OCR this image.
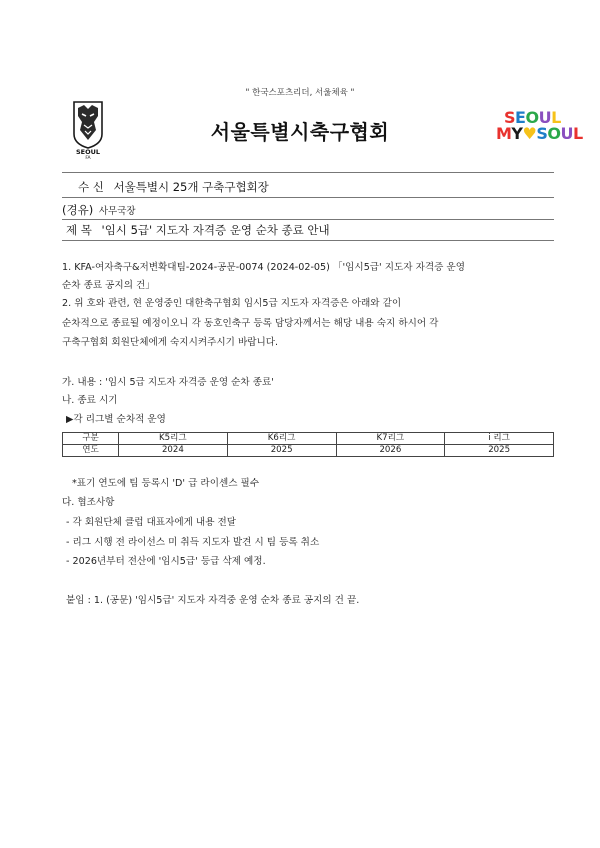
" 한국스포츠리더, 서울체육 "
SEOUL
FA
서울특별시축구협회
SEOUL
MY♥SOUL
수 신 서울특별시 25개 구축구협회장
(경유) 사무국장
제 목 '임시 5급' 지도자 자격증 운영 순차 종료 안내
1. KFA-여자축구&저변확대팀-2024-공문-0074 (2024-02-05) 「'임시5급' 지도자 자격증 운영
순차 종료 공지의 건」
2. 위 호와 관련, 현 운영중인 대한축구협회 임시5급 지도자 자격증은 아래와 같이
순차적으로 종료될 예정이오니 각 동호인축구 등록 담당자께서는 해당 내용 숙지 하시어 각
구축구협회 회원단체에게 숙지시켜주시기 바랍니다.
가. 내용 : '임시 5급 지도자 자격증 운영 순차 종료'
나. 종료 시기
▶각 리그별 순차적 운영
구분	K5리그	K6리그	K7리그	i 리그
연도	2024	2025	2026	2025
*표기 연도에 팀 등록시 'D' 급 라이센스 필수
다. 협조사항
- 각 회원단체 클럽 대표자에게 내용 전달
- 리그 시행 전 라이선스 미 취득 지도자 발견 시 팀 등록 취소
- 2026년부터 전산에 '임시5급' 등급 삭제 예정.
붙임 : 1. (공문) '임시5급' 지도자 자격중 운영 순차 종료 공지의 건 끝.
